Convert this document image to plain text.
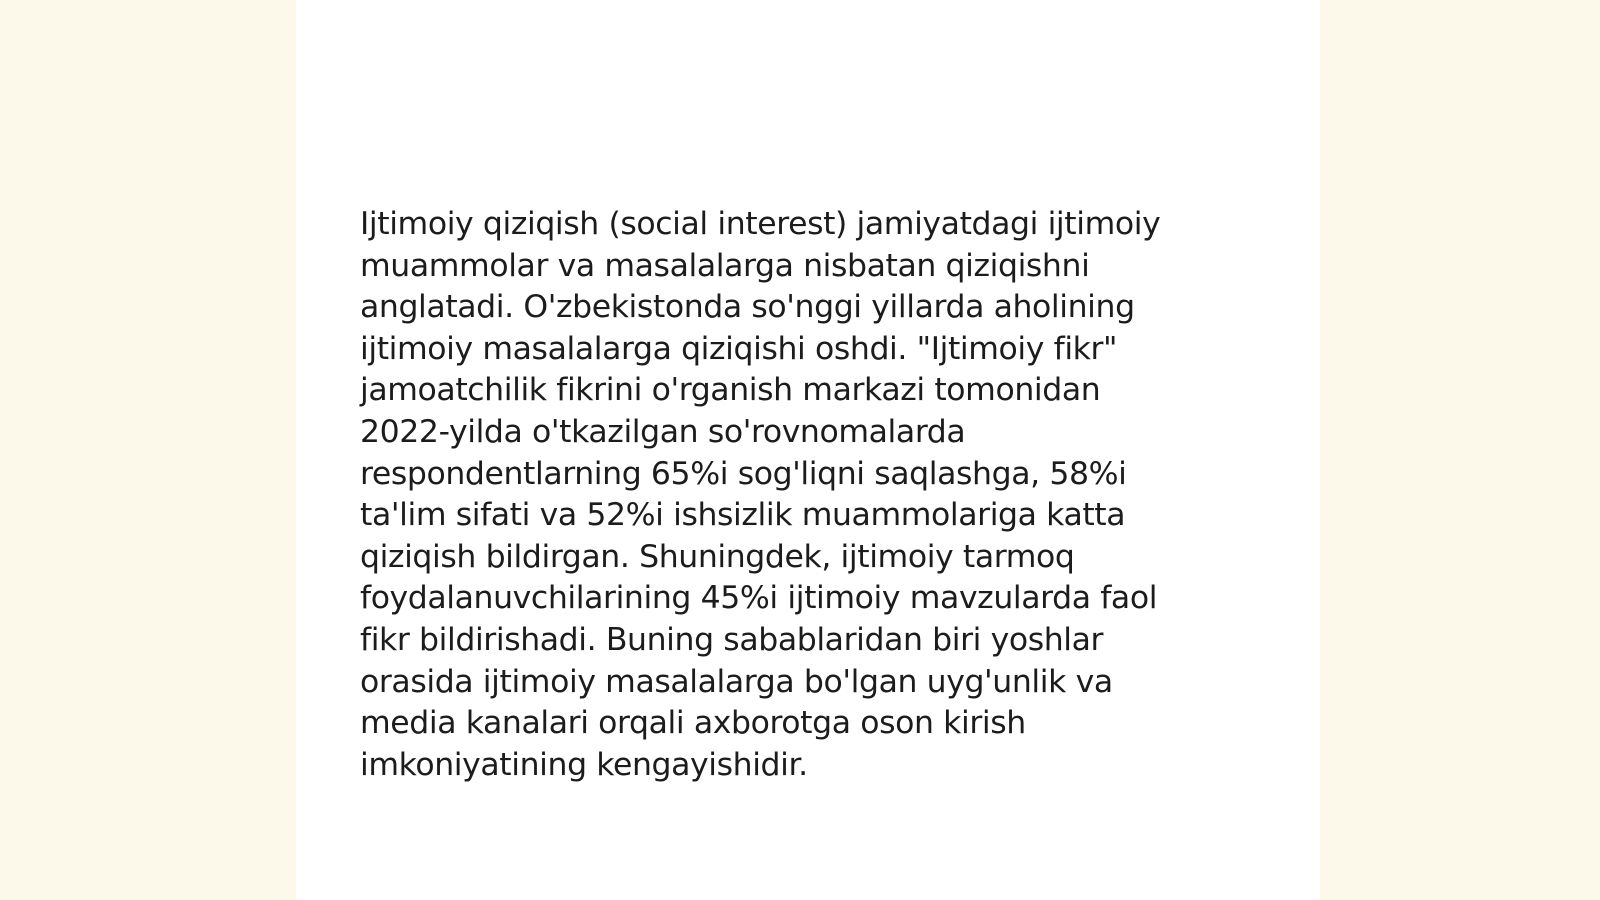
Ijtimoiy qiziqish (social interest) jamiyatdagi ijtimoiy
muammolar va masalalarga nisbatan qiziqishni
anglatadi. O'zbekistonda so'nggi yillarda aholining
ijtimoiy masalalarga qiziqishi oshdi. "Ijtimoiy fikr"
jamoatchilik fikrini o'rganish markazi tomonidan
2022-yilda o'tkazilgan so'rovnomalarda
respondentlarning 65%i sog'liqni saqlashga, 58%i
ta'lim sifati va 52%i ishsizlik muammolariga katta
qiziqish bildirgan. Shuningdek, ijtimoiy tarmoq
foydalanuvchilarining 45%i ijtimoiy mavzularda faol
fikr bildirishadi. Buning sabablaridan biri yoshlar
orasida ijtimoiy masalalarga bo'lgan uyg'unlik va
media kanalari orqali axborotga oson kirish
imkoniyatining kengayishidir.
